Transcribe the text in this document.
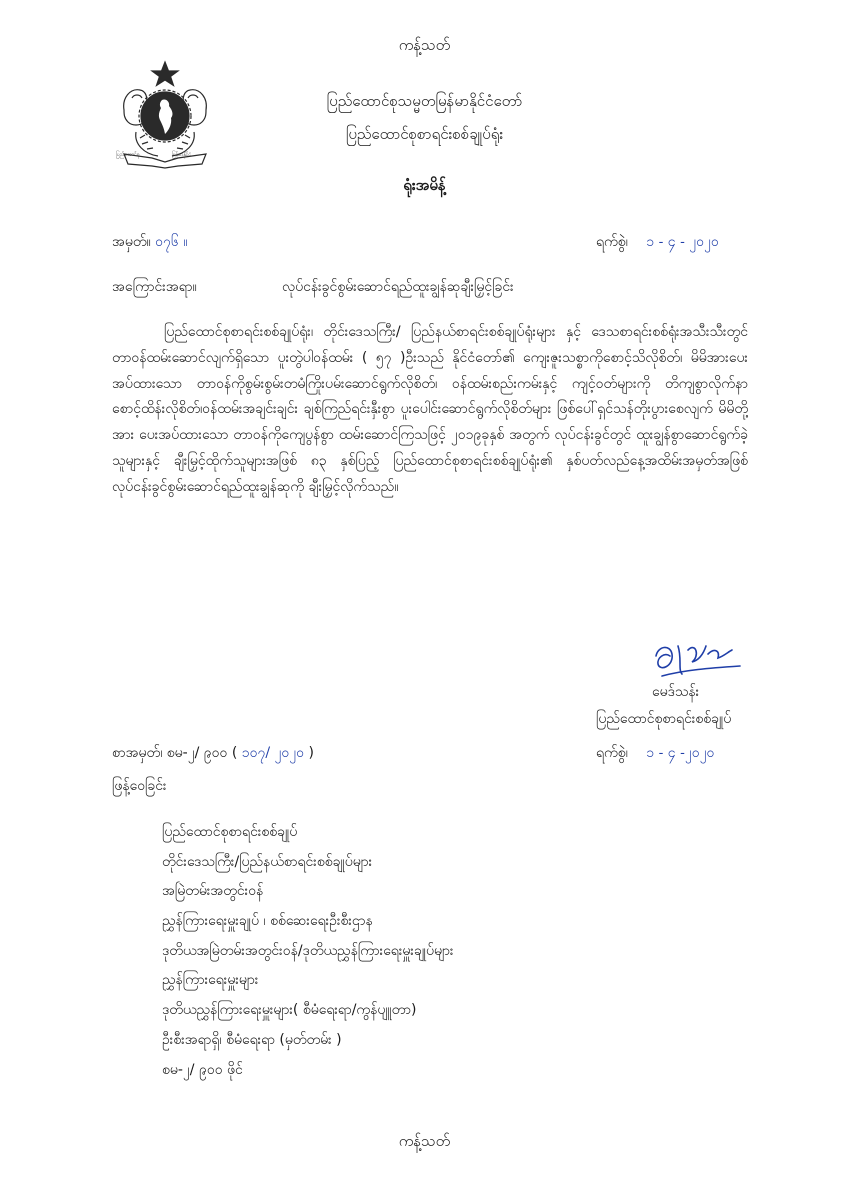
ကန့်သတ်
ပြည်ထောင်စု	မြန်မာနိုင်ငံ
ပြည်ထောင်စုသမ္မတမြန်မာနိုင်ငံတော်
ပြည်ထောင်စုစာရင်းစစ်ချုပ်ရုံး
ရုံးအမိန့်
အမှတ်။ ၀၇၆ ။	ရက်စွဲ၊ ၁ - ၄ - ၂၀၂၀
အကြောင်းအရာ။	လုပ်ငန်းခွင်စွမ်းဆောင်ရည်ထူးချွန်ဆုချီးမြှင့်ခြင်း
ပြည်ထောင်စုစာရင်းစစ်ချုပ်ရုံး၊ တိုင်းဒေသကြီး/ ပြည်နယ်စာရင်းစစ်ချုပ်ရုံးများ နှင့် ဒေသစာရင်းစစ်ရုံးအသီးသီးတွင် တာဝန်ထမ်းဆောင်လျက်ရှိသော ပူးတွဲပါဝန်ထမ်း ( ၅၇ )ဦးသည် နိုင်ငံတော်၏ ကျေးဇူးသစ္စာကိုစောင့်သိလိုစိတ်၊ မိမိအားပေးအပ်ထားသော တာဝန်ကိုစွမ်းစွမ်းတမံကြိုးပမ်းဆောင်ရွက်လိုစိတ်၊ ဝန်ထမ်းစည်းကမ်းနှင့် ကျင့်ဝတ်များကို တိကျစွာလိုက်နာစောင့်ထိန်းလိုစိတ်၊ဝန်ထမ်းအချင်းချင်း ချစ်ကြည်ရင်းနှီးစွာ ပူးပေါင်းဆောင်ရွက်လိုစိတ်များ ဖြစ်ပေါ်ရှင်သန်တိုးပွားစေလျက် မိမိတို့အား ပေးအပ်ထားသော တာဝန်ကိုကျေပွန်စွာ ထမ်းဆောင်ကြသဖြင့် ၂၀၁၉ခုနှစ် အတွက် လုပ်ငန်းခွင်တွင် ထူးချွန်စွာဆောင်ရွက်ခဲ့သူများနှင့် ချီးမြှင့်ထိုက်သူများအဖြစ် ၈၃ နှစ်ပြည့် ပြည်ထောင်စုစာရင်းစစ်ချုပ်ရုံး၏ နှစ်ပတ်လည်နေ့အထိမ်းအမှတ်အဖြစ် လုပ်ငန်းခွင်စွမ်းဆောင်ရည်ထူးချွန်ဆုကို ချီးမြှင့်လိုက်သည်။
မေဒ်သန်း
ပြည်ထောင်စုစာရင်းစစ်ချုပ်
ရက်စွဲ၊ ၁ - ၄ -၂၀၂၀
စာအမှတ်၊ စမ-၂/ ၉၀၀ ( ၁၀၇/ ၂၀၂၀ )
ဖြန့်ဝေခြင်း
ပြည်ထောင်စုစာရင်းစစ်ချုပ်
တိုင်းဒေသကြီး/ပြည်နယ်စာရင်းစစ်ချုပ်များ
အမြဲတမ်းအတွင်းဝန်
ညွှန်ကြားရေးမှူးချုပ် ၊ စစ်ဆေးရေးဦးစီးဌာန
ဒုတိယအမြဲတမ်းအတွင်းဝန်/ဒုတိယညွှန်ကြားရေးမှူးချုပ်များ
ညွှန်ကြားရေးမှူးများ
ဒုတိယညွှန်ကြားရေးမှူးများ( စီမံရေးရာ/ကွန်ပျူတာ)
ဦးစီးအရာရှိ၊ စီမံရေးရာ (မှတ်တမ်း )
စမ-၂/ ၉၀၀ ဖိုင်
ကန့်သတ်
